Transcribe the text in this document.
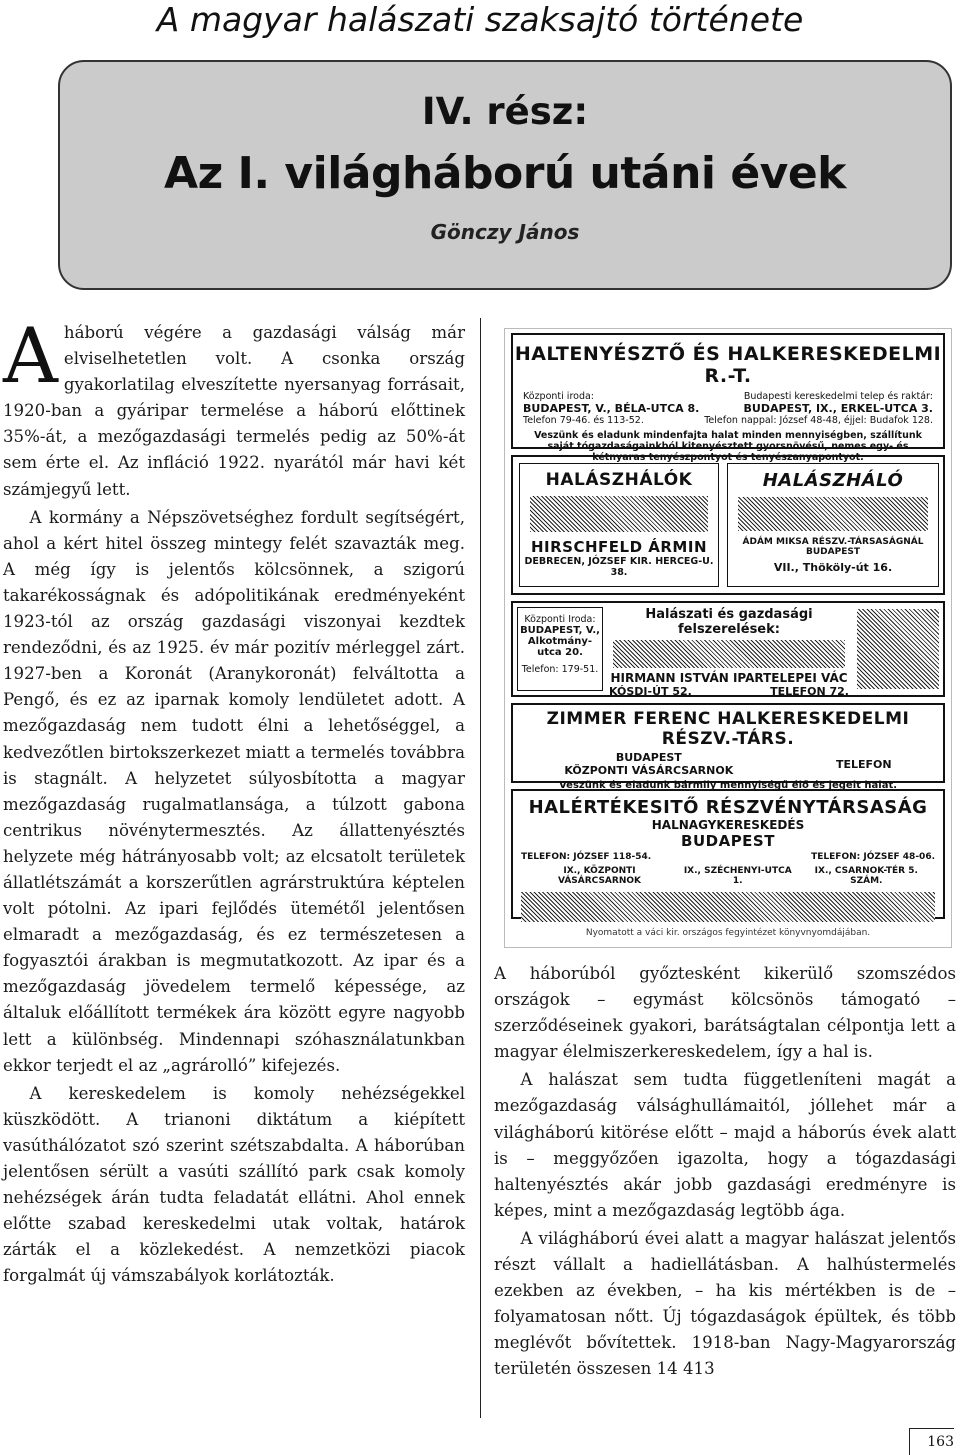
A magyar halászati szaksajtó története
IV. rész:
Az I. világháború utáni évek
Gönczy János

Aháború végére a gazdasági válság már elviselhetetlen volt. A csonka ország gyakorlatilag elveszítette nyersanyag forrásait, 1920-ban a gyáripar termelése a háború előttinek 35%-át, a mezőgazdasági termelés pedig az 50%-át sem érte el. Az infláció 1922. nyarától már havi két számjegyű lett.

A kormány a Népszövetséghez fordult segítségért, ahol a kért hitel összeg mintegy felét szavazták meg. A még így is jelentős kölcsönnek, a szigorú takarékosságnak és adópolitikának eredményeként 1923-tól az ország gazdasági viszonyai kezdtek rendeződni, és az 1925. év már pozitív mérleggel zárt. 1927-ben a Koronát (Aranykoronát) felváltotta a Pengő, és ez az iparnak komoly lendületet adott. A mezőgazdaság nem tudott élni a lehetőséggel, a kedvezőtlen birtokszerkezet miatt a termelés továbbra is stagnált. A helyzetet súlyosbította a magyar mezőgazdaság rugalmatlansága, a túlzott gabona centrikus növénytermesztés. Az állattenyésztés helyzete még hátrányosabb volt; az elcsatolt területek állatlétszámát a korszerűtlen agrárstruktúra képtelen volt pótolni. Az ipari fejlődés ütemétől jelentősen elmaradt a mezőgazdaság, és ez természetesen a fogyasztói árakban is megmutatkozott. Az ipar és a mezőgazdaság jövedelem termelő képessége, az általuk előállított termékek ára között egyre nagyobb lett a különbség. Mindennapi szóhasználatunkban ekkor terjedt el az „agrárolló” kifejezés.

A kereskedelem is komoly nehézségekkel küszködött. A trianoni diktátum a kiépített vasúthálózatot szó szerint szétszabdalta. A háborúban jelentősen sérült a vasúti szállító park csak komoly nehézségek árán tudta feladatát ellátni. Ahol ennek előtte szabad kereskedelmi utak voltak, határok zárták el a közlekedést. A nemzetközi piacok forgalmát új vámszabályok korlátozták.

HALTENYÉSZTŐ ÉS HALKERESKEDELMI R.-T.
Központi iroda:
BUDAPEST, V., BÉLA-UTCA 8.
Telefon 79-46. és 113-52.
Budapesti kereskedelmi telep és raktár:
BUDAPEST, IX., ERKEL-UTCA 3.
Telefon nappal: József 48-48, éjjel: Budafok 128.
Veszünk és eladunk mindenfajta halat minden mennyiségben, szállítunk saját tógazdaságainkból kitenyésztett gyorsnövésű, nemes egy- és kétnyaras tenyészpontyot és tenyészanyapontyot.
HALÁSZHÁLÓK
HIRSCHFELD ÁRMIN
DEBRECEN, JÓZSEF KIR. HERCEG-U. 38.
HALÁSZHÁLÓ
ÁDÁM MIKSA RÉSZV.-TÁRSASÁGNÁL BUDAPEST
VII., Thököly-út 16.
Központi Iroda:
BUDAPEST, V., Alkotmány-utca 20.
Telefon: 179-51.
Halászati és gazdasági felszerelések:
HIRMANN ISTVÁN IPARTELEPEI VÁC
KÓSDI-ÚT 52.	TELEFON 72.
ZIMMER FERENC HALKERESKEDELMI RÉSZV.-TÁRS.
BUDAPEST
KÖZPONTI VÁSÁRCSARNOK	TELEFON
Veszünk és eladunk bármily mennyiségű élő és jegelt halat.
HALÉRTÉKESITŐ RÉSZVÉNYTÁRSASÁG
HALNAGYKERESKEDÉS
BUDAPEST
TELEFON: JÓZSEF 118-54.	TELEFON: JÓZSEF 48-06.
IX., KÖZPONTI VÁSÁRCSARNOK
IX., SZÉCHENYI-UTCA 1.
IX., CSARNOK-TÉR 5. SZÁM.
Nyomatott a váci kir. országos fegyintézet könyvnyomdájában.

A háborúból győztesként kikerülő szomszédos országok – egymást kölcsönös támogató – szerződéseinek gyakori, barátságtalan célpontja lett a magyar élelmiszerkereskedelem, így a hal is.

A halászat sem tudta függetleníteni magát a mezőgazdaság válsághullámaitól, jóllehet már a világháború kitörése előtt – majd a háborús évek alatt is – meggyőzően igazolta, hogy a tógazdasági haltenyésztés akár jobb gazdasági eredményre is képes, mint a mezőgazdaság legtöbb ága.

A világháború évei alatt a magyar halászat jelentős részt vállalt a hadiellátásban. A halhústermelés ezekben az években, – ha kis mértékben is de – folyamatosan nőtt. Új tógazdaságok épültek, és több meglévőt bővítettek. 1918-ban Nagy-Magyarország területén összesen 14 413

163
